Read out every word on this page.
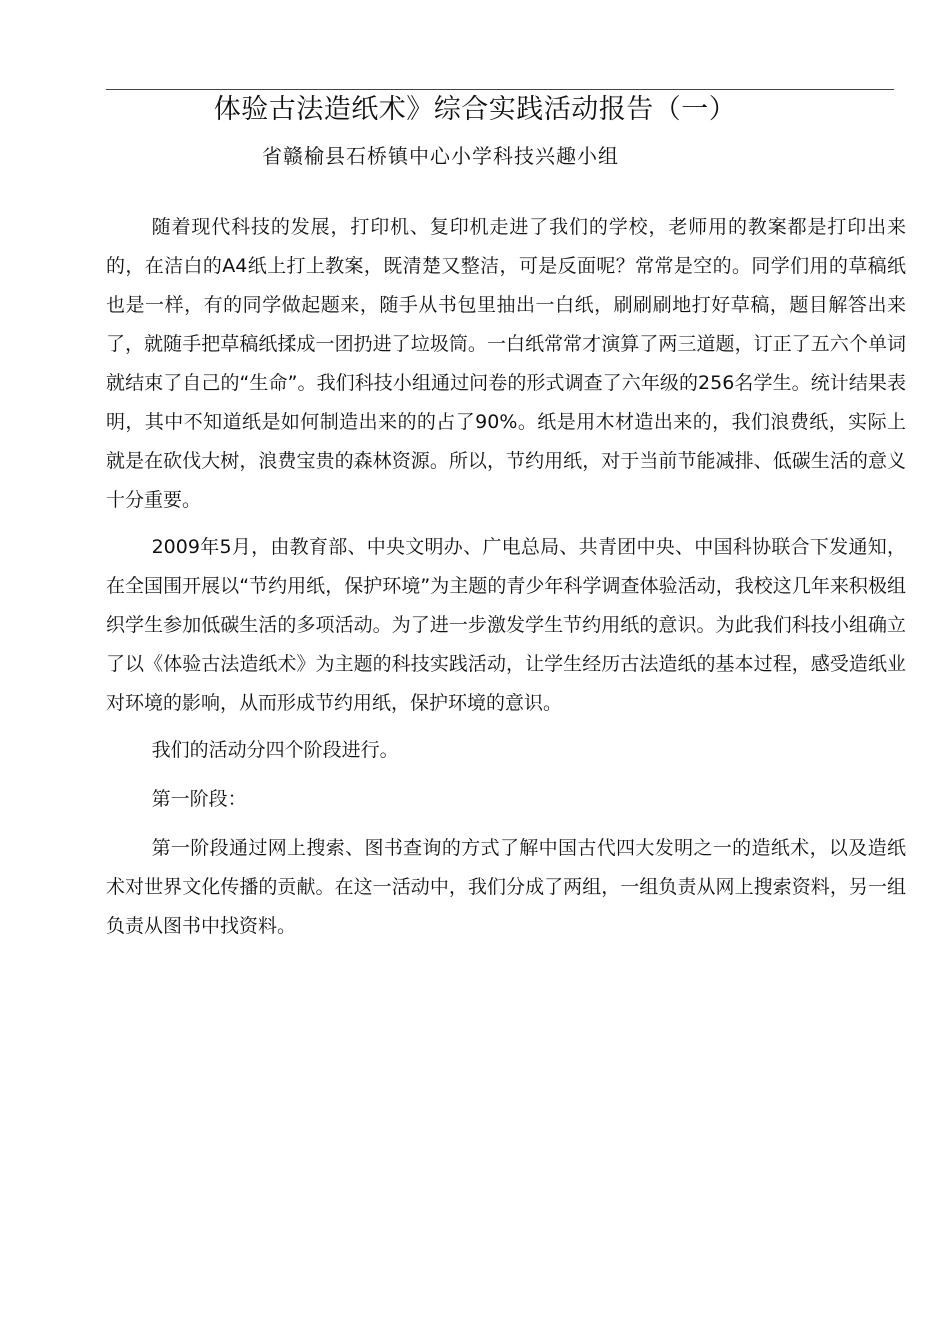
体验古法造纸术》综合实践活动报告（一）
省赣榆县石桥镇中心小学科技兴趣小组

随着现代科技的发展，打印机、复印机走进了我们的学校，老师用的教案都是打印出来的，在洁白的A4纸上打上教案，既清楚又整洁，可是反面呢？常常是空的。同学们用的草稿纸也是一样，有的同学做起题来，随手从书包里抽出一白纸，刷刷刷地打好草稿，题目解答出来了，就随手把草稿纸揉成一团扔进了垃圾筒。一白纸常常才演算了两三道题，订正了五六个单词就结束了自己的“生命”。我们科技小组通过问卷的形式调查了六年级的256名学生。统计结果表明，其中不知道纸是如何制造出来的的占了90%。纸是用木材造出来的，我们浪费纸，实际上就是在砍伐大树，浪费宝贵的森林资源。所以，节约用纸，对于当前节能减排、低碳生活的意义十分重要。

2009年5月，由教育部、中央文明办、广电总局、共青团中央、中国科协联合下发通知，在全国围开展以“节约用纸，保护环境”为主题的青少年科学调查体验活动，我校这几年来积极组织学生参加低碳生活的多项活动。为了进一步激发学生节约用纸的意识。为此我们科技小组确立了以《体验古法造纸术》为主题的科技实践活动，让学生经历古法造纸的基本过程，感受造纸业对环境的影响，从而形成节约用纸，保护环境的意识。

我们的活动分四个阶段进行。

第一阶段：

第一阶段通过网上搜索、图书查询的方式了解中国古代四大发明之一的造纸术，以及造纸术对世界文化传播的贡献。在这一活动中，我们分成了两组，一组负责从网上搜索资料，另一组负责从图书中找资料。
